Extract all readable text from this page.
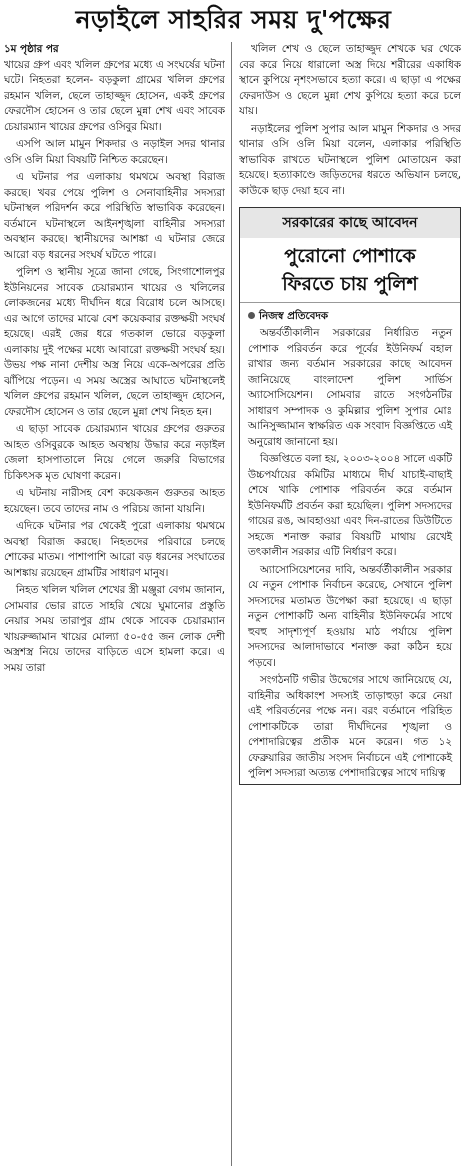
নড়াইলে সাহরির সময় দু'পক্ষের
১ম পৃষ্ঠার পর

খায়ের গ্রুপ এবং খলিল গ্রুপের মধ্যে এ সংঘর্ষের ঘটনা ঘটে। নিহতরা হলেন- বড়কুলা গ্রামের খলিল গ্রুপের রহমান খলিল, ছেলে তাহাজ্জুদ হোসেন, একই গ্রুপের ফেরদৌস হোসেন ও তার ছেলে মুন্না শেখ এবং সাবেক চেয়ারম্যান খায়ের গ্রুপের ওসিবুর মিয়া।

এসপি আল মামুন শিকদার ও নড়াইল সদর থানার ওসি ওলি মিয়া বিষয়টি নিশ্চিত করেছেন।

এ ঘটনার পর এলাকায় থমথমে অবস্থা বিরাজ করছে। খবর পেয়ে পুলিশ ও সেনাবাহিনীর সদস্যরা ঘটনাস্থল পরিদর্শন করে পরিস্থিতি স্বাভাবিক করেছেন। বর্তমানে ঘটনাস্থলে আইনশৃঙ্খলা বাহিনীর সদস্যরা অবস্থান করছে। স্থানীয়দের আশঙ্কা এ ঘটনার জেরে আরো বড় ধরনের সংঘর্ষ ঘটতে পারে।

পুলিশ ও স্থানীয় সূত্রে জানা গেছে, সিংগাশোলপুর ইউনিয়নের সাবেক চেয়ারম্যান খায়ের ও খলিলের লোকজনের মধ্যে দীর্ঘদিন ধরে বিরোধ চলে আসছে। এর আগে তাদের মাঝে বেশ কয়েকবার রক্তক্ষয়ী সংঘর্ষ হয়েছে। এরই জের ধরে গতকাল ভোরে বড়কুলা এলাকায় দুই পক্ষের মধ্যে আবারো রক্তক্ষয়ী সংঘর্ষ হয়। উভয় পক্ষ নানা দেশীয় অস্ত্র নিয়ে একে-অপরের প্রতি ঝাঁপিয়ে পড়েন। এ সময় অস্ত্রের আঘাতে ঘটনাস্থলেই খলিল গ্রুপের রহমান খলিল, ছেলে তাহাজ্জুদ হোসেন, ফেরদৌস হোসেন ও তার ছেলে মুন্না শেখ নিহত হন।

এ ছাড়া সাবেক চেয়ারম্যান খায়ের গ্রুপের গুরুতর আহত ওসিবুরকে আহত অবস্থায় উদ্ধার করে নড়াইল জেলা হাসপাতালে নিয়ে গেলে জরুরি বিভাগের চিকিৎসক মৃত ঘোষণা করেন।

এ ঘটনায় নারীসহ বেশ কয়েকজন গুরুতর আহত হয়েছেন। তবে তাদের নাম ও পরিচয় জানা যায়নি।

এদিকে ঘটনার পর থেকেই পুরো এলাকায় থমথমে অবস্থা বিরাজ করছে। নিহতদের পরিবারে চলছে শোকের মাতম। পাশাপাশি আরো বড় ধরনের সংঘাতের আশঙ্কায় রয়েছেন গ্রামটির সাধারণ মানুষ।

নিহত খলিল খলিল শেখের স্ত্রী মঞ্জুরা বেগম জানান, সোমবার ভোর রাতে সাহরি খেয়ে ঘুমানোর প্রস্তুতি নেয়ার সময় তারাপুর গ্রাম থেকে সাবেক চেয়ারম্যান খায়রুজ্জামান খায়ের মোল্যা ৫০-৫৫ জন লোক দেশী অস্ত্রশস্ত্র নিয়ে তাদের বাড়িতে এসে হামলা করে। এ সময় তারা

খলিল শেখ ও ছেলে তাহাজ্জুদ শেখকে ঘর থেকে বের করে নিয়ে ধারালো অস্ত্র দিয়ে শরীরের একাধিক স্থানে কুপিয়ে নৃশংসভাবে হত্যা করে। এ ছাড়া এ পক্ষের ফেরদাউস ও ছেলে মুন্না শেখ কুপিয়ে হত্যা করে চলে যায়।

নড়াইলের পুলিশ সুপার আল মামুন শিকদার ও সদর থানার ওসি ওলি মিয়া বলেন, এলাকার পরিস্থিতি স্বাভাবিক রাখতে ঘটনাস্থলে পুলিশ মোতায়েন করা হয়েছে। হত্যাকাণ্ডে জড়িতদের ধরতে অভিযান চলছে, কাউকে ছাড় দেয়া হবে না।

সরকারের কাছে আবেদন
পুরোনো পোশাকে
ফিরতে চায় পুলিশ
নিজস্ব প্রতিবেদক

অন্তর্বর্তীকালীন সরকারের নির্ধারিত নতুন পোশাক পরিবর্তন করে পূর্বের ইউনিফর্ম বহাল রাখার জন্য বর্তমান সরকারের কাছে আবেদন জানিয়েছে বাংলাদেশ পুলিশ সার্ভিস অ্যাসোসিয়েশন। সোমবার রাতে সংগঠনটির সাধারণ সম্পাদক ও কুমিল্লার পুলিশ সুপার মোঃ আনিসুজ্জামান স্বাক্ষরিত এক সংবাদ বিজ্ঞপ্তিতে এই অনুরোধ জানানো হয়।

বিজ্ঞপ্তিতে বলা হয়, ২০০৩-২০০৪ সালে একটি উচ্চপর্যায়ের কমিটির মাধ্যমে দীর্ঘ যাচাই-বাছাই শেষে খাকি পোশাক পরিবর্তন করে বর্তমান ইউনিফর্মটি প্রবর্তন করা হয়েছিল। পুলিশ সদস্যদের গায়ের রঙ, আবহাওয়া এবং দিন-রাতের ডিউটিতে সহজে শনাক্ত করার বিষয়টি মাথায় রেখেই তৎকালীন সরকার এটি নির্ধারণ করে।

অ্যাসোসিয়েশনের দাবি, অন্তর্বর্তীকালীন সরকার যে নতুন পোশাক নির্বাচন করেছে, সেখানে পুলিশ সদস্যদের মতামত উপেক্ষা করা হয়েছে। এ ছাড়া নতুন পোশাকটি অন্য বাহিনীর ইউনিফর্মের সাথে হুবহু সাদৃশ্যপূর্ণ হওয়ায় মাঠ পর্যায়ে পুলিশ সদস্যদের আলাদাভাবে শনাক্ত করা কঠিন হয়ে পড়বে।

সংগঠনটি গভীর উদ্বেগের সাথে জানিয়েছে যে, বাহিনীর অধিকাংশ সদস্যই তাড়াহুড়া করে নেয়া এই পরিবর্তনের পক্ষে নন। বরং বর্তমানে পরিহিত পোশাকটিকে তারা দীর্ঘদিনের শৃঙ্খলা ও পেশাদারিত্বের প্রতীক মনে করেন। গত ১২ ফেব্রুয়ারির জাতীয় সংসদ নির্বাচনে এই পোশাকেই পুলিশ সদস্যরা অত্যন্ত পেশাদারিত্বের সাথে দায়িত্ব
